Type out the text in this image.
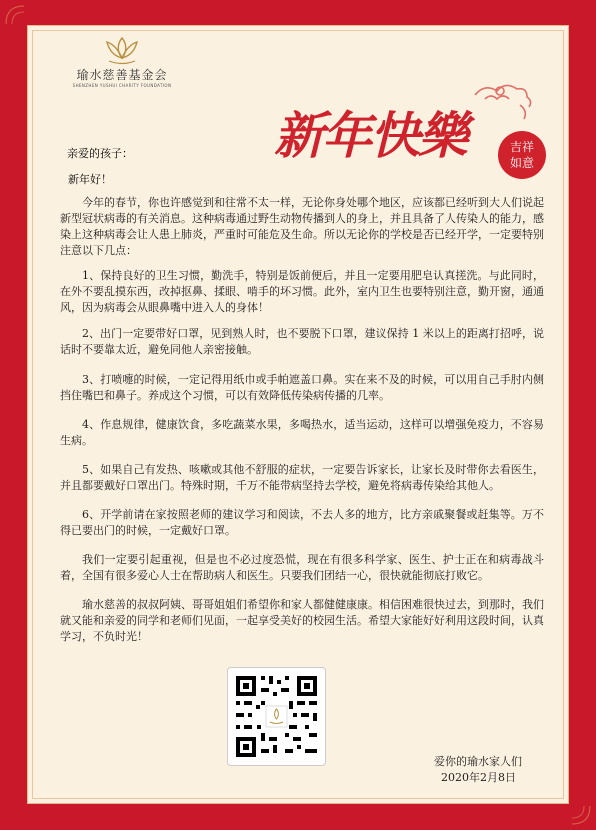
瑜水慈善基金会
SHENZHEN YUSHUI CHARITY FOUNDATION
新年快樂	吉祥
如意
亲爱的孩子：
新年好！

今年的春节，你也许感觉到和往常不太一样，无论你身处哪个地区，应该都已经听到大人们说起新型冠状病毒的有关消息。这种病毒通过野生动物传播到人的身上，并且具备了人传染人的能力，感染上这种病毒会让人患上肺炎，严重时可能危及生命。所以无论你的学校是否已经开学，一定要特别注意以下几点：

1、保持良好的卫生习惯，勤洗手，特别是饭前便后，并且一定要用肥皂认真搓洗。与此同时，在外不要乱摸东西，改掉抠鼻、揉眼、啃手的坏习惯。此外，室内卫生也要特别注意，勤开窗，通通风，因为病毒会从眼鼻嘴中进入人的身体！

2、出门一定要带好口罩，见到熟人时，也不要脱下口罩，建议保持 1 米以上的距离打招呼，说话时不要靠太近，避免同他人亲密接触。

3、打喷嚏的时候，一定记得用纸巾或手帕遮盖口鼻。实在来不及的时候，可以用自己手肘内侧挡住嘴巴和鼻子。养成这个习惯，可以有效降低传染病传播的几率。

4、作息规律，健康饮食，多吃蔬菜水果，多喝热水，适当运动，这样可以增强免疫力，不容易生病。

5、如果自己有发热、咳嗽或其他不舒服的症状，一定要告诉家长，让家长及时带你去看医生，并且都要戴好口罩出门。特殊时期，千万不能带病坚持去学校，避免将病毒传染给其他人。

6、开学前请在家按照老师的建议学习和阅读，不去人多的地方，比方亲戚聚餐或赶集等。万不得已要出门的时候，一定戴好口罩。

我们一定要引起重视，但是也不必过度恐慌，现在有很多科学家、医生、护士正在和病毒战斗着，全国有很多爱心人士在帮助病人和医生。只要我们团结一心，很快就能彻底打败它。

瑜水慈善的叔叔阿姨、哥哥姐姐们希望你和家人都健健康康。相信困难很快过去，到那时，我们就又能和亲爱的同学和老师们见面，一起享受美好的校园生活。希望大家能好好利用这段时间，认真学习，不负时光！

爱你的瑜水家人们
2020年2月8日
